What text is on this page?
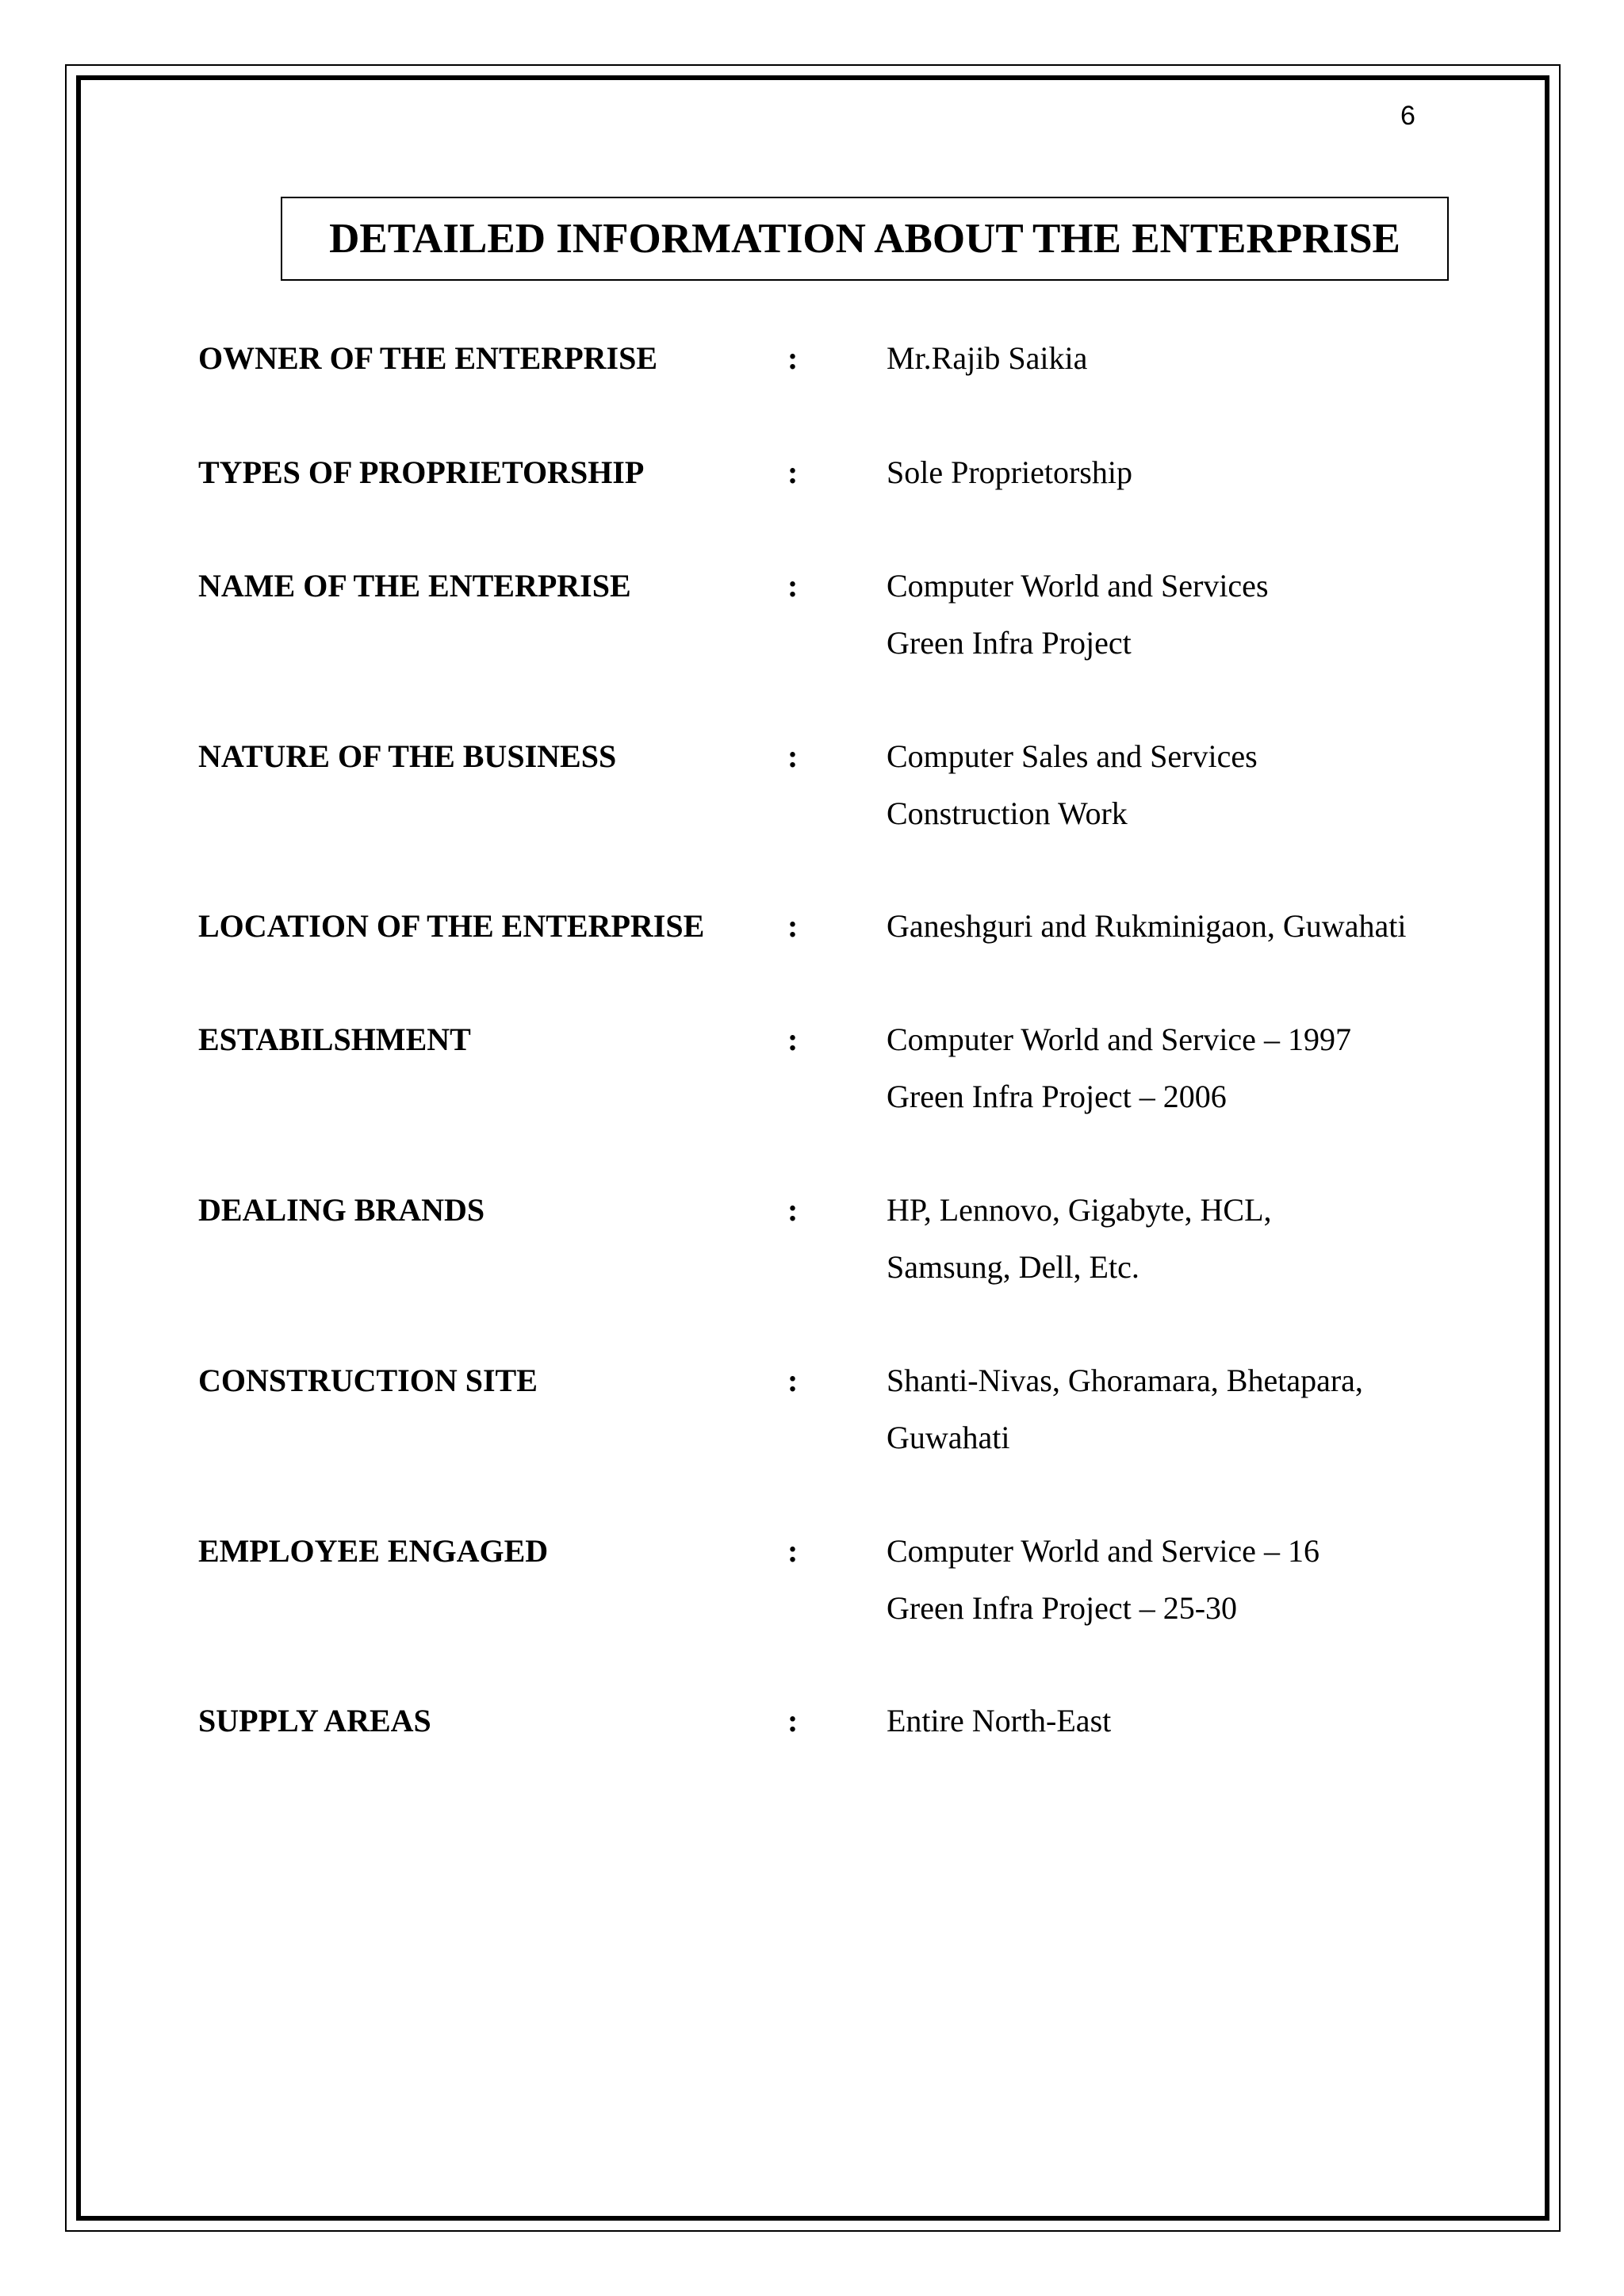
6
DETAILED INFORMATION ABOUT THE ENTERPRISE
OWNER OF THE ENTERPRISE	:	Mr.Rajib Saikia
TYPES OF PROPRIETORSHIP	:	Sole Proprietorship
NAME OF THE ENTERPRISE	:	Computer World and Services
Green Infra Project
NATURE OF THE BUSINESS	:	Computer Sales and Services
Construction Work
LOCATION OF THE ENTERPRISE	:	Ganeshguri and Rukminigaon, Guwahati
ESTABILSHMENT	:	Computer World and Service – 1997
Green Infra Project – 2006
DEALING BRANDS	:	HP, Lennovo, Gigabyte, HCL,
Samsung, Dell, Etc.
CONSTRUCTION SITE	:	Shanti-Nivas, Ghoramara, Bhetapara,
Guwahati
EMPLOYEE ENGAGED	:	Computer World and Service – 16
Green Infra Project – 25-30
SUPPLY AREAS	:	Entire North-East
